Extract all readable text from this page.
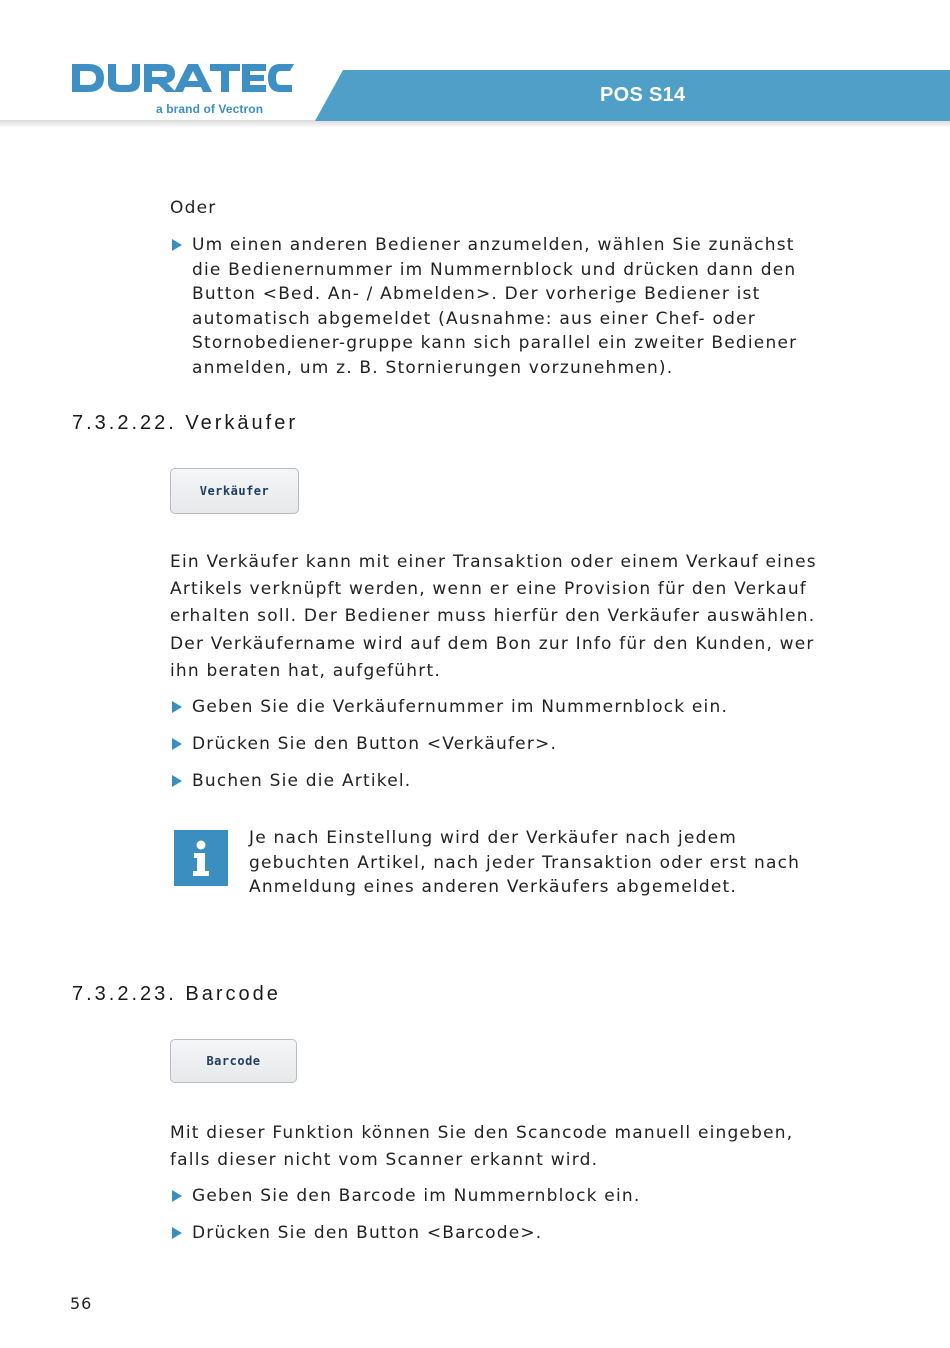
a brand of Vectron
POS S14
Oder
Um einen anderen Bediener anzumelden, wählen Sie zunächst die Bedienernummer im Nummernblock und drücken dann den Button <Bed. An- / Abmelden>. Der vorherige Bediener ist automatisch abgemeldet (Ausnahme: aus einer Chef- oder Stornobediener-gruppe kann sich parallel ein zweiter Bediener anmelden, um z. B. Stornierungen vorzunehmen).
7.3.2.22. Verkäufer
Verkäufer
Ein Verkäufer kann mit einer Transaktion oder einem Verkauf eines Artikels verknüpft werden, wenn er eine Provision für den Verkauf erhalten soll. Der Bediener muss hierfür den Verkäufer auswählen. Der Verkäufername wird auf dem Bon zur Info für den Kunden, wer ihn beraten hat, aufgeführt.
Geben Sie die Verkäufernummer im Nummernblock ein.
Drücken Sie den Button <Verkäufer>.
Buchen Sie die Artikel.
Je nach Einstellung wird der Verkäufer nach jedem gebuchten Artikel, nach jeder Transaktion oder erst nach Anmeldung eines anderen Verkäufers abgemeldet.
7.3.2.23. Barcode
Barcode
Mit dieser Funktion können Sie den Scancode manuell eingeben, falls dieser nicht vom Scanner erkannt wird.
Geben Sie den Barcode im Nummernblock ein.
Drücken Sie den Button <Barcode>.
56
